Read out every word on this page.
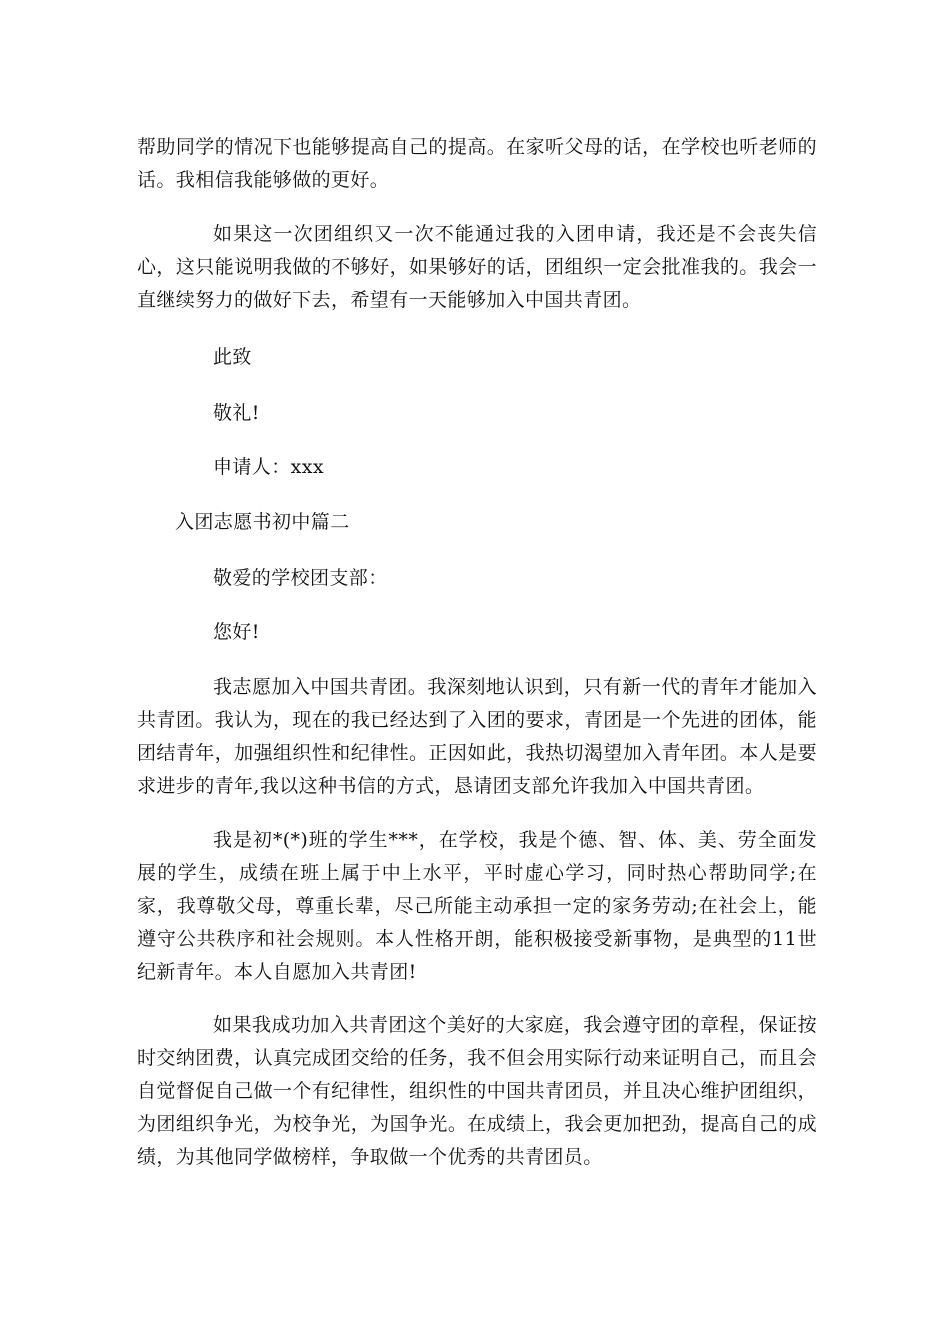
帮助同学的情况下也能够提高自己的提高。在家听父母的话，在学校也听老师的话。我相信我能够做的更好。

如果这一次团组织又一次不能通过我的入团申请，我还是不会丧失信心，这只能说明我做的不够好，如果够好的话，团组织一定会批准我的。我会一直继续努力的做好下去，希望有一天能够加入中国共青团。

此致

敬礼!

申请人：xxx

入团志愿书初中篇二

敬爱的学校团支部：

您好!

我志愿加入中国共青团。我深刻地认识到，只有新一代的青年才能加入共青团。我认为，现在的我已经达到了入团的要求，青团是一个先进的团体，能团结青年，加强组织性和纪律性。正因如此，我热切渴望加入青年团。本人是要求进步的青年,我以这种书信的方式，恳请团支部允许我加入中国共青团。

我是初*(*)班的学生***，在学校，我是个德、智、体、美、劳全面发展的学生，成绩在班上属于中上水平，平时虚心学习，同时热心帮助同学;在家，我尊敬父母，尊重长辈，尽己所能主动承担一定的家务劳动;在社会上，能遵守公共秩序和社会规则。本人性格开朗，能积极接受新事物，是典型的11世纪新青年。本人自愿加入共青团!

如果我成功加入共青团这个美好的大家庭，我会遵守团的章程，保证按时交纳团费，认真完成团交给的任务，我不但会用实际行动来证明自己，而且会自觉督促自己做一个有纪律性，组织性的中国共青团员，并且决心维护团组织，为团组织争光，为校争光，为国争光。在成绩上，我会更加把劲，提高自己的成绩，为其他同学做榜样，争取做一个优秀的共青团员。
